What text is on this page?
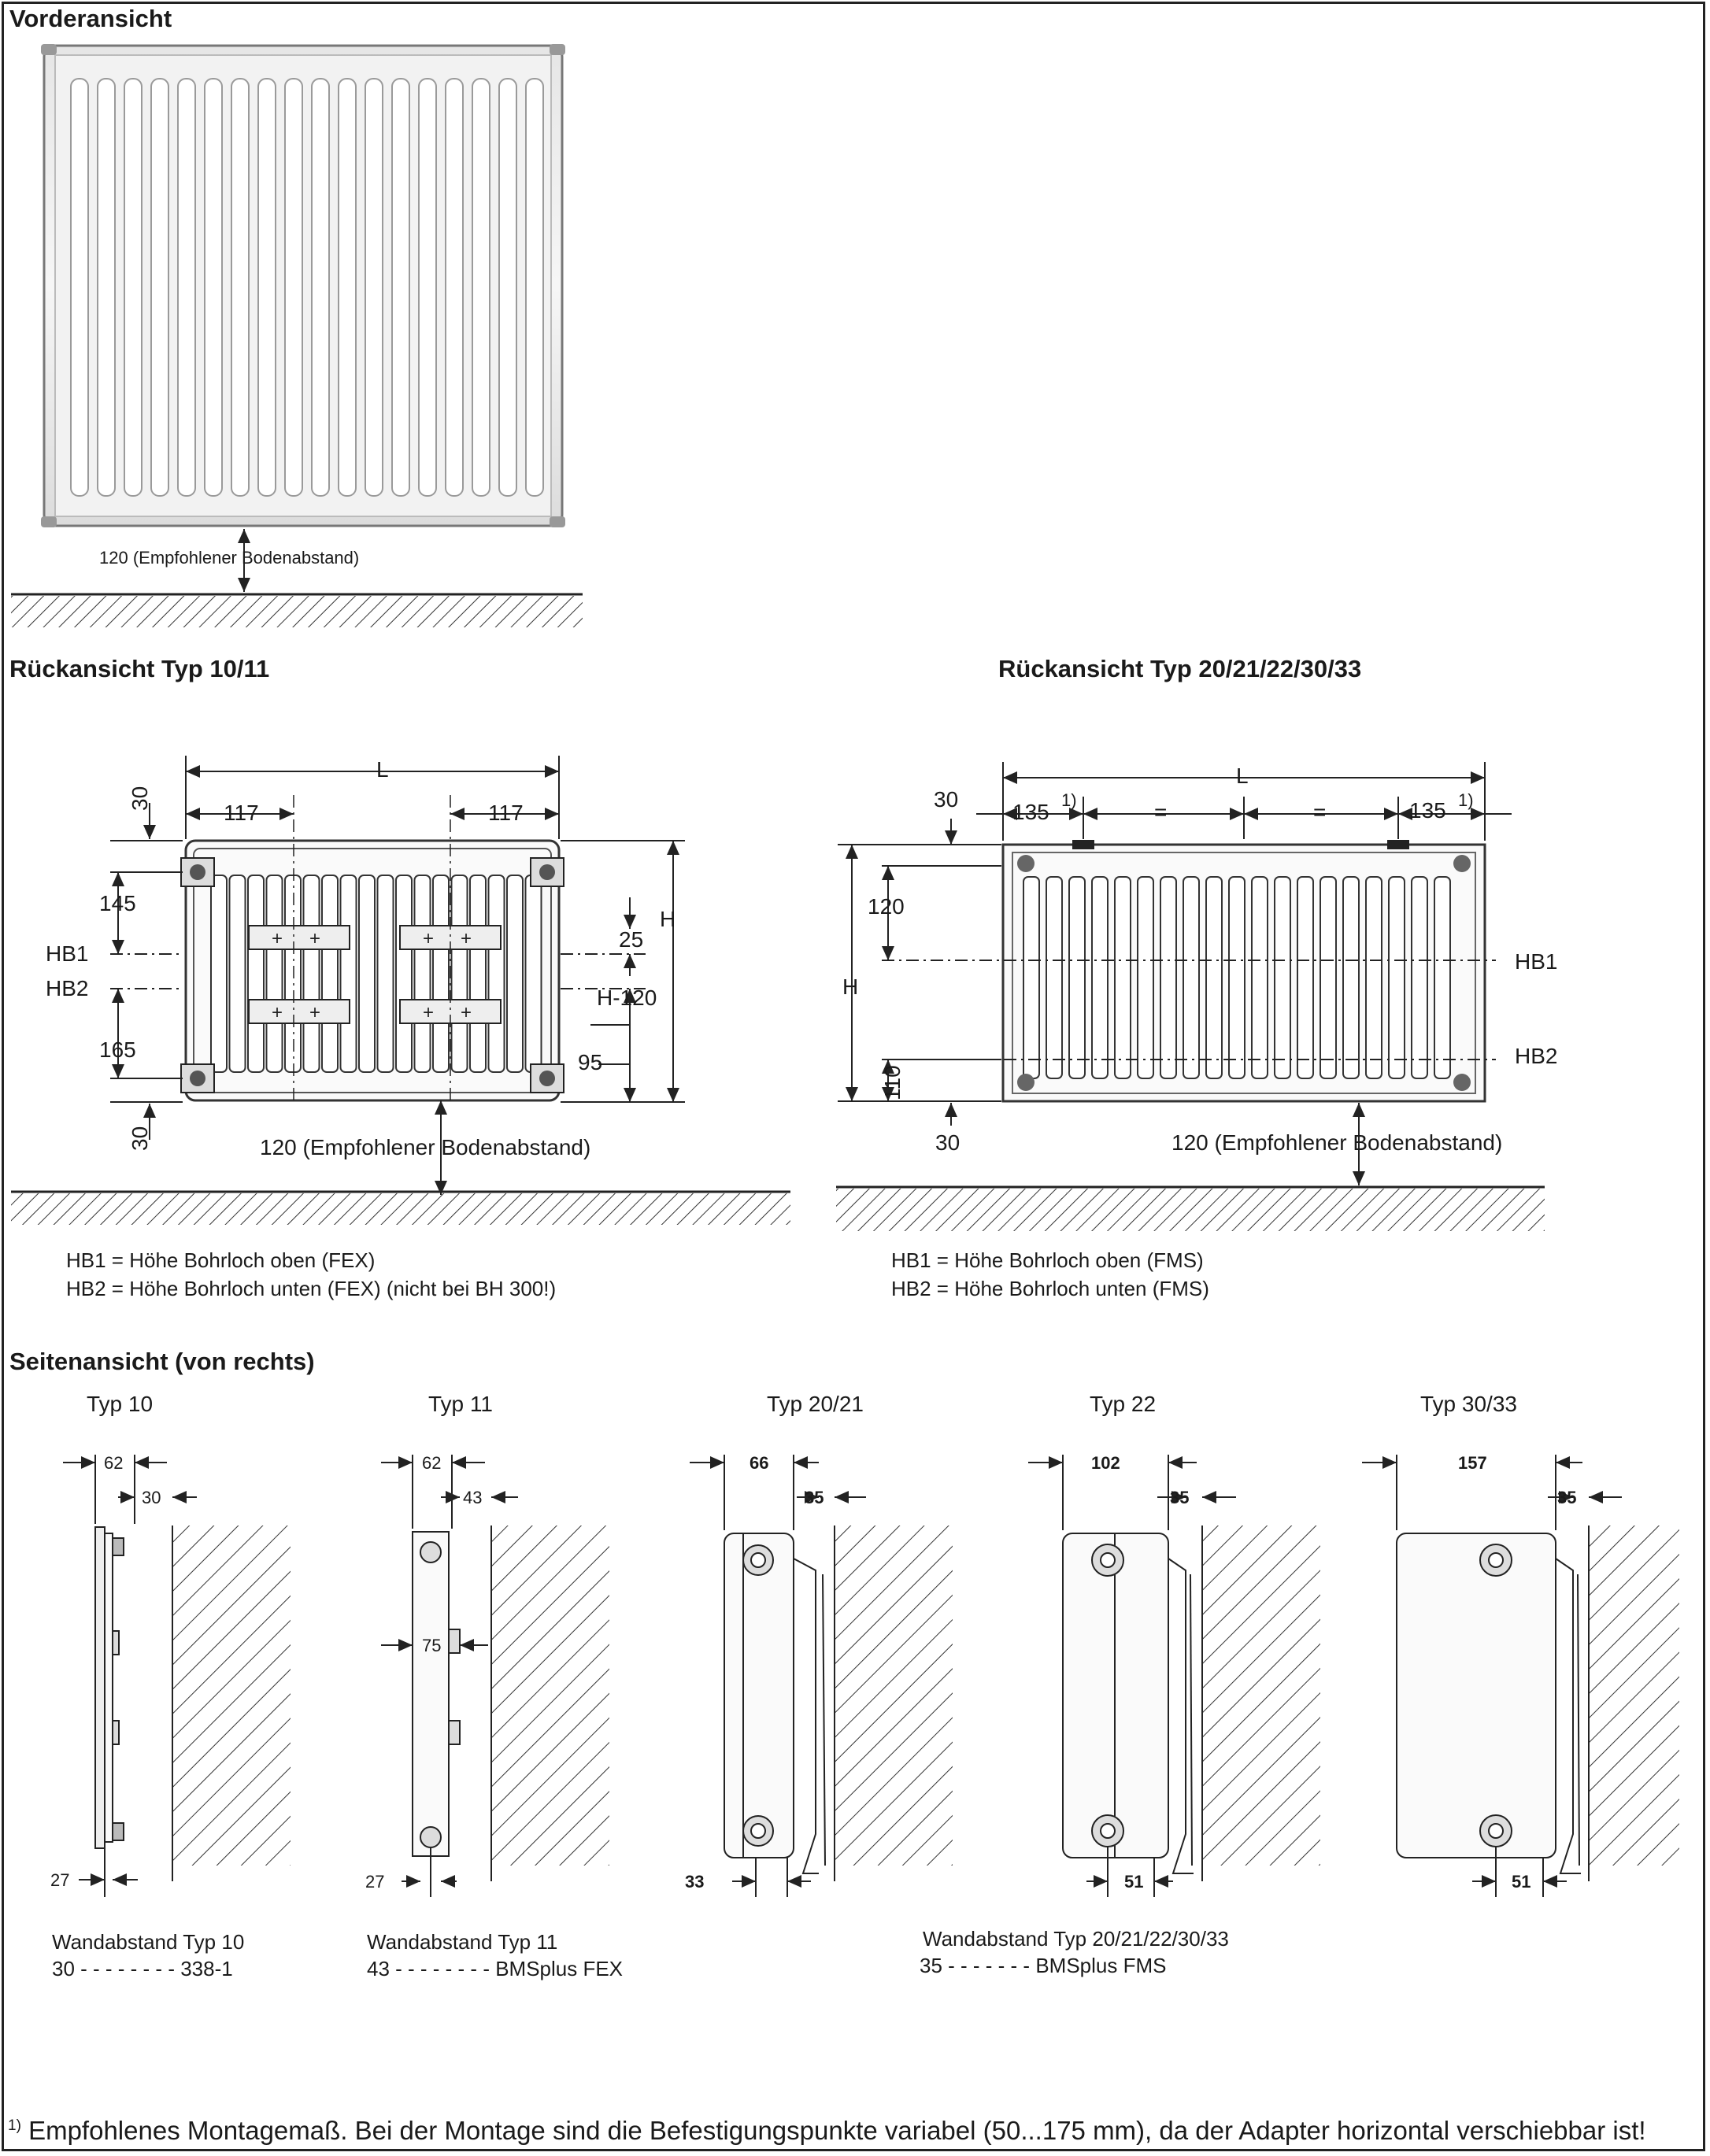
+ +
+ +
+ +
+ +
Vorderansicht
Rückansicht Typ 10/11	Rückansicht Typ 20/21/22/30/33
Seitenansicht (von rechts)
120 (Empfohlener Bodenabstand)
L
117	117
30
145
HB1
HB2
165
30
25
H
H-120
95
120 (Empfohlener Bodenabstand)
HB1 = Höhe Bohrloch oben (FEX)
HB2 = Höhe Bohrloch unten (FEX) (nicht bei BH 300!)
L
30
135 1)	=	=	135 1)
120
H
110
30
HB1
HB2
120 (Empfohlener Bodenabstand)
HB1 = Höhe Bohrloch oben (FMS)
HB2 = Höhe Bohrloch unten (FMS)
Typ 10
62
30
27
Typ 11
62
43
75
27
Typ 20/21
66
35
33
Typ 22
102
35
51
Typ 30/33
157
35
51
Wandabstand Typ 10
30 - - - - - - - - 338-1
Wandabstand Typ 11
43 - - - - - - - - BMSplus FEX
Wandabstand Typ 20/21/22/30/33
35 - - - - - - - BMSplus FMS
$^{1)}$ Empfohlenes Montagemaß. Bei der Montage sind die Befestigungspunkte variabel (50...175 mm), da der Adapter horizontal verschiebbar ist!
